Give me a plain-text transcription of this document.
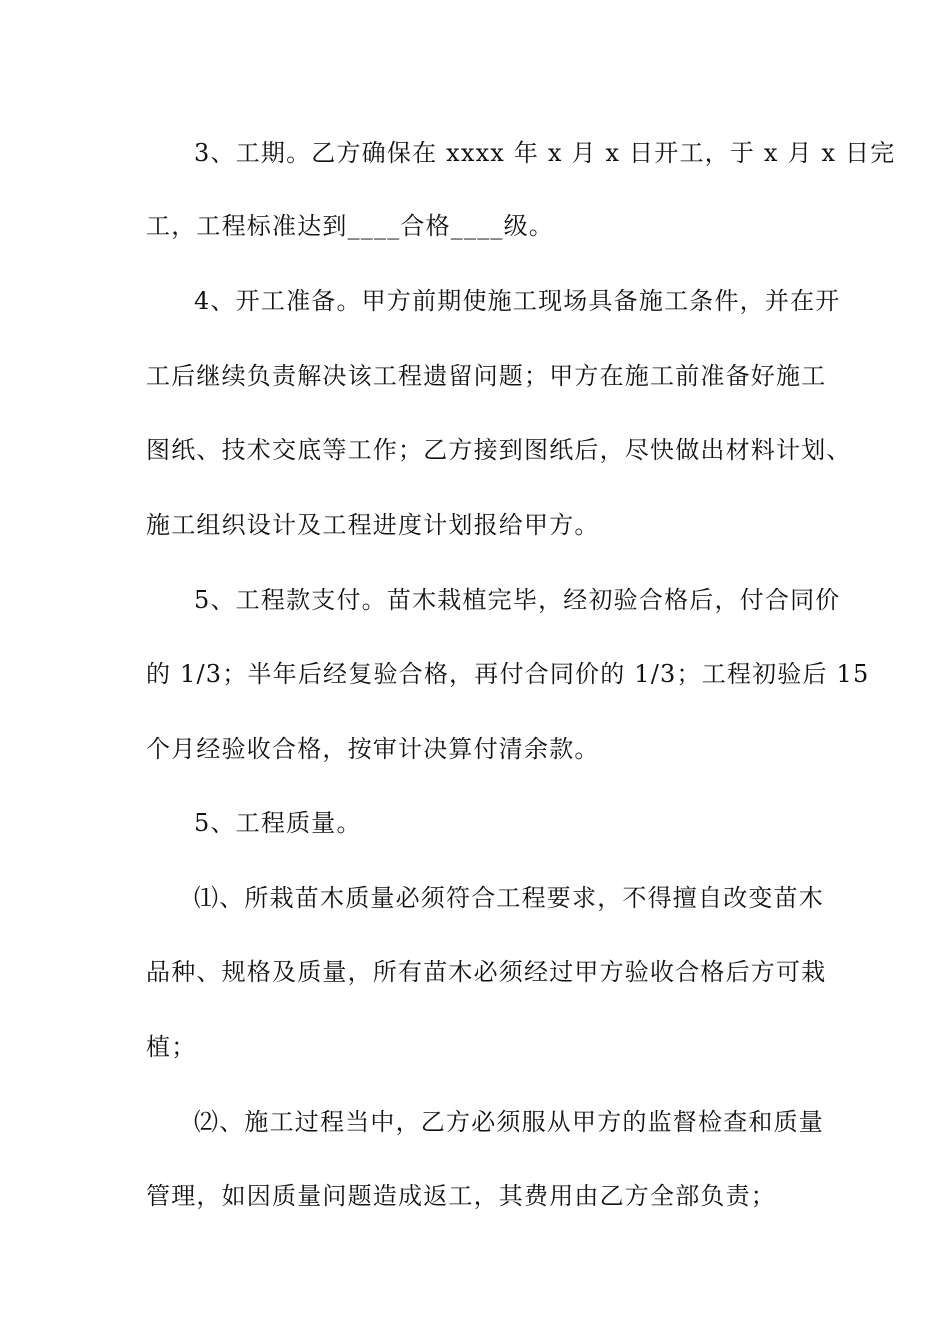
3、工期。乙方确保在 xxxx 年 x 月 x 日开工，于 x 月 x 日完
工，工程标准达到____合格____级。
4、开工准备。甲方前期使施工现场具备施工条件，并在开
工后继续负责解决该工程遗留问题；甲方在施工前准备好施工
图纸、技术交底等工作；乙方接到图纸后，尽快做出材料计划、
施工组织设计及工程进度计划报给甲方。
5、工程款支付。苗木栽植完毕，经初验合格后，付合同价
的 1/3；半年后经复验合格，再付合同价的 1/3；工程初验后 15
个月经验收合格，按审计决算付清余款。
5、工程质量。
⑴、所栽苗木质量必须符合工程要求，不得擅自改变苗木
品种、规格及质量，所有苗木必须经过甲方验收合格后方可栽
植；
⑵、施工过程当中，乙方必须服从甲方的监督检查和质量
管理，如因质量问题造成返工，其费用由乙方全部负责；
